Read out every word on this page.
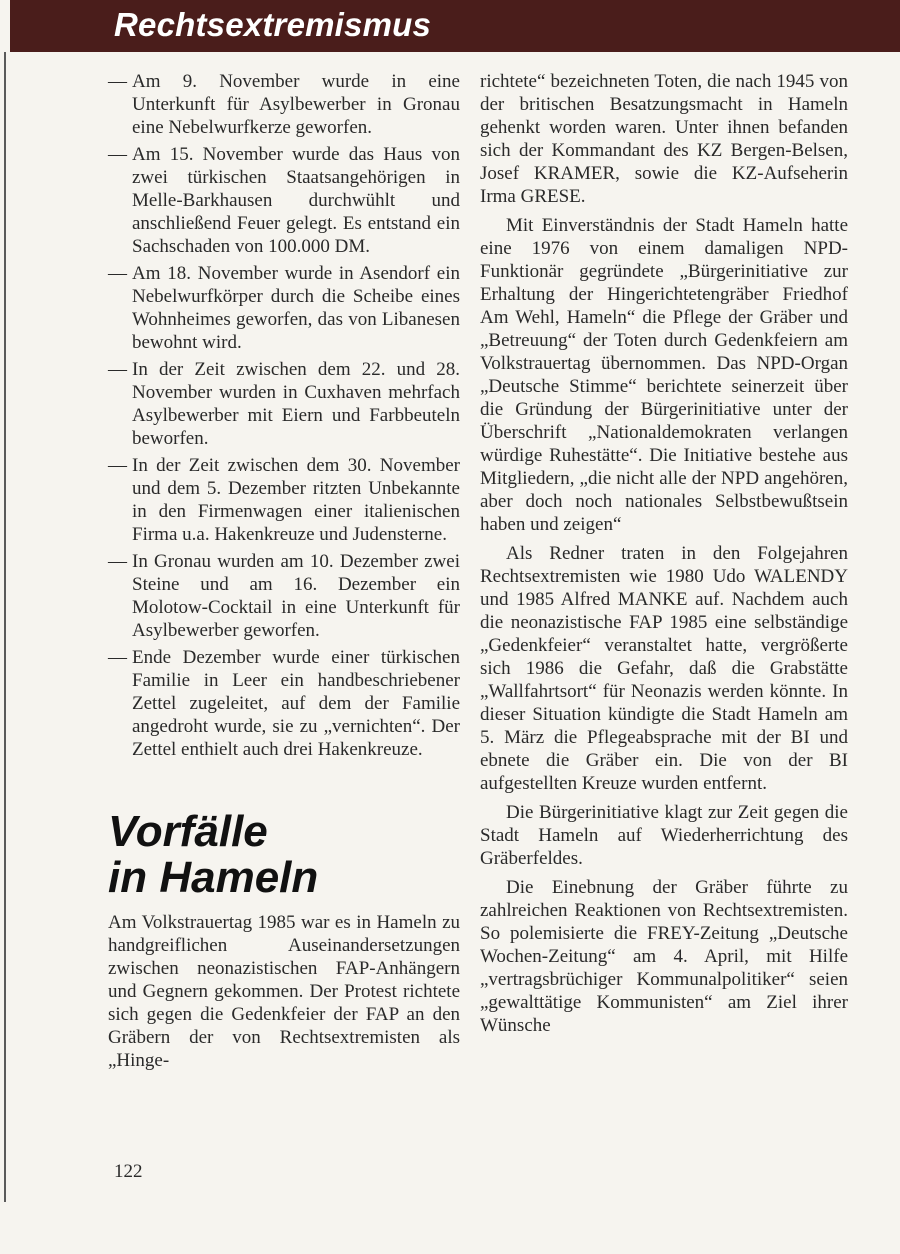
Rechtsextremismus
— Am 9. November wurde in eine Unterkunft für Asylbewerber in Gronau eine Nebelwurfkerze geworfen.
— Am 15. November wurde das Haus von zwei türkischen Staatsangehörigen in Melle-Barkhausen durchwühlt und anschließend Feuer gelegt. Es entstand ein Sachschaden von 100.000 DM.
— Am 18. November wurde in Asendorf ein Nebelwurfkörper durch die Scheibe eines Wohnheimes geworfen, das von Libanesen bewohnt wird.
— In der Zeit zwischen dem 22. und 28. November wurden in Cuxhaven mehrfach Asylbewerber mit Eiern und Farbbeuteln beworfen.
— In der Zeit zwischen dem 30. November und dem 5. Dezember ritzten Unbekannte in den Firmenwagen einer italienischen Firma u.a. Hakenkreuze und Judensterne.
— In Gronau wurden am 10. Dezember zwei Steine und am 16. Dezember ein Molotow-Cocktail in eine Unterkunft für Asylbewerber geworfen.
— Ende Dezember wurde einer türkischen Familie in Leer ein handbeschriebener Zettel zugeleitet, auf dem der Familie angedroht wurde, sie zu „vernichten“. Der Zettel enthielt auch drei Hakenkreuze.
Vorfälle
in Hameln

Am Volkstrauertag 1985 war es in Hameln zu handgreiflichen Auseinandersetzungen zwischen neonazistischen FAP-Anhängern und Gegnern gekommen. Der Protest richtete sich gegen die Gedenkfeier der FAP an den Gräbern der von Rechtsextremisten als „Hinge-

richtete“ bezeichneten Toten, die nach 1945 von der britischen Besatzungsmacht in Hameln gehenkt worden waren. Unter ihnen befanden sich der Kommandant des KZ Bergen-Belsen, Josef KRAMER, sowie die KZ-Aufseherin Irma GRESE.

Mit Einverständnis der Stadt Hameln hatte eine 1976 von einem damaligen NPD-Funktionär gegründete „Bürgerinitiative zur Erhaltung der Hingerichtetengräber Friedhof Am Wehl, Hameln“ die Pflege der Gräber und „Betreuung“ der Toten durch Gedenkfeiern am Volkstrauertag übernommen. Das NPD-Organ „Deutsche Stimme“ berichtete seinerzeit über die Gründung der Bürgerinitiative unter der Überschrift „Nationaldemokraten verlangen würdige Ruhestätte“. Die Initiative bestehe aus Mitgliedern, „die nicht alle der NPD angehören, aber doch noch nationales Selbstbewußtsein haben und zeigen“

Als Redner traten in den Folgejahren Rechtsextremisten wie 1980 Udo WALENDY und 1985 Alfred MANKE auf. Nachdem auch die neonazistische FAP 1985 eine selbständige „Gedenkfeier“ veranstaltet hatte, vergrößerte sich 1986 die Gefahr, daß die Grabstätte „Wallfahrtsort“ für Neonazis werden könnte. In dieser Situation kündigte die Stadt Hameln am 5. März die Pflegeabsprache mit der BI und ebnete die Gräber ein. Die von der BI aufgestellten Kreuze wurden entfernt.

Die Bürgerinitiative klagt zur Zeit gegen die Stadt Hameln auf Wiederherrichtung des Gräberfeldes.

Die Einebnung der Gräber führte zu zahlreichen Reaktionen von Rechtsextremisten. So polemisierte die FREY-Zeitung „Deutsche Wochen-Zeitung“ am 4. April, mit Hilfe „vertragsbrüchiger Kommunalpolitiker“ seien „gewalttätige Kommunisten“ am Ziel ihrer Wünsche

122
